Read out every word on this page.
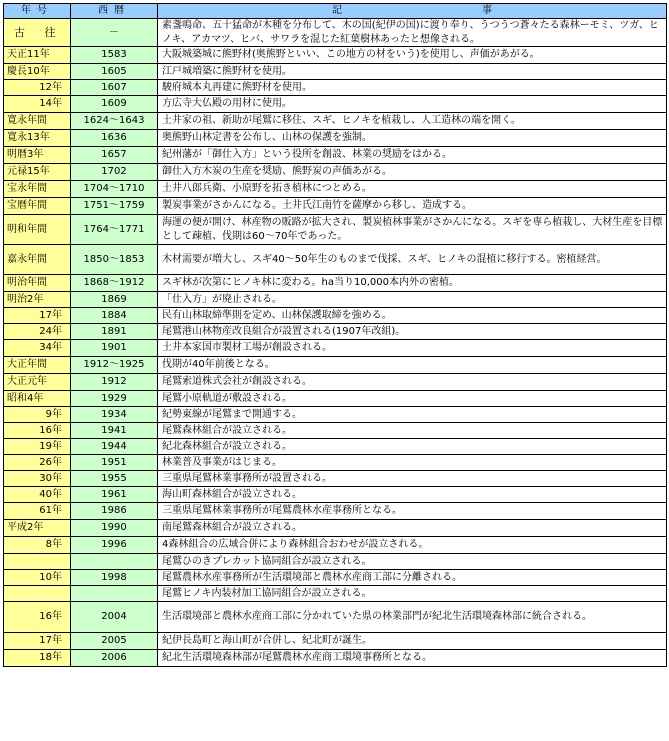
年号	西暦	記 事
古 往	－	素盞鳴命、五十猛命が木種を分布して、木の国(紀伊の国)に渡り奉り、うつうつ蒼々たる森林ーモミ、ツガ、ヒノキ、アカマツ、ヒバ、サワラを混じた紅葉樹林あったと想像される。
天正11年	1583	大阪城築城に熊野材(奥熊野といい、この地方の材をいう)を使用し、声価があがる。
慶長10年	1605	江戸城増築に熊野材を使用。
12年	1607	駿府城本丸再建に熊野材を使用。
14年	1609	方広寺大仏殿の用材に使用。
寛永年間	1624～1643	土井家の祖、新助が尾鷲に移住、スギ、ヒノキを植栽し、人工造林の端を開く。
寛永13年	1636	奥熊野山林定書を公布し、山林の保護を強制。
明暦3年	1657	紀州藩が「御仕入方」という役所を創設、林業の奨励をはかる。
元禄15年	1702	御仕入方木炭の生産を奨励、熊野炭の声価あがる。
宝永年間	1704～1710	土井八郎兵衛、小原野を拓き植林につとめる。
宝暦年間	1751～1759	製炭事業がさかんになる。土井氏江南竹を薩摩から移し、造成する。
明和年間	1764～1771	海運の便が開け、林産物の販路が拡大され、製炭植林事業がさかんになる。スギを専ら植栽し、大材生産を目標として疎植、伐期は60～70年であった。
嘉永年間	1850～1853	木材需要が増大し、スギ40～50年生のものまで伐採、スギ、ヒノキの混植に移行する。密植経営。
明治年間	1868～1912	スギ林が次第にヒノキ林に変わる。ha当り10,000本内外の密植。
明治2年	1869	「仕入方」が廃止される。
17年	1884	民有山林取締準則を定め、山林保護取締を強める。
24年	1891	尾鷲港山林物産改良組合が設置される(1907年改組)。
34年	1901	土井本家国市製材工場が創設される。
大正年間	1912～1925	伐期が40年前後となる。
大正元年	1912	尾鷲索道株式会社が創設される。
昭和4年	1929	尾鷲小原軌道が敷設される。
9年	1934	紀勢東線が尾鷲まで開通する。
16年	1941	尾鷲森林組合が設立される。
19年	1944	紀北森林組合が設立される。
26年	1951	林業普及事業がはじまる。
30年	1955	三重県尾鷲林業事務所が設置される。
40年	1961	海山町森林組合が設立される。
61年	1986	三重県尾鷲林業事務所が尾鷲農林水産事務所となる。
平成2年	1990	南尾鷲森林組合が設立される。
8年	1996	4森林組合の広域合併により森林組合おわせが設立される。
		尾鷲ひのきプレカット協同組合が設立される。
10年	1998	尾鷲農林水産事務所が生活環境部と農林水産商工部に分離される。
		尾鷲ヒノキ内装材加工協同組合が設立される。
16年	2004	生活環境部と農林水産商工部に分かれていた県の林業部門が紀北生活環境森林部に統合される。
17年	2005	紀伊長島町と海山町が合併し、紀北町が誕生。
18年	2006	紀北生活環境森林部が尾鷲農林水産商工環境事務所となる。
